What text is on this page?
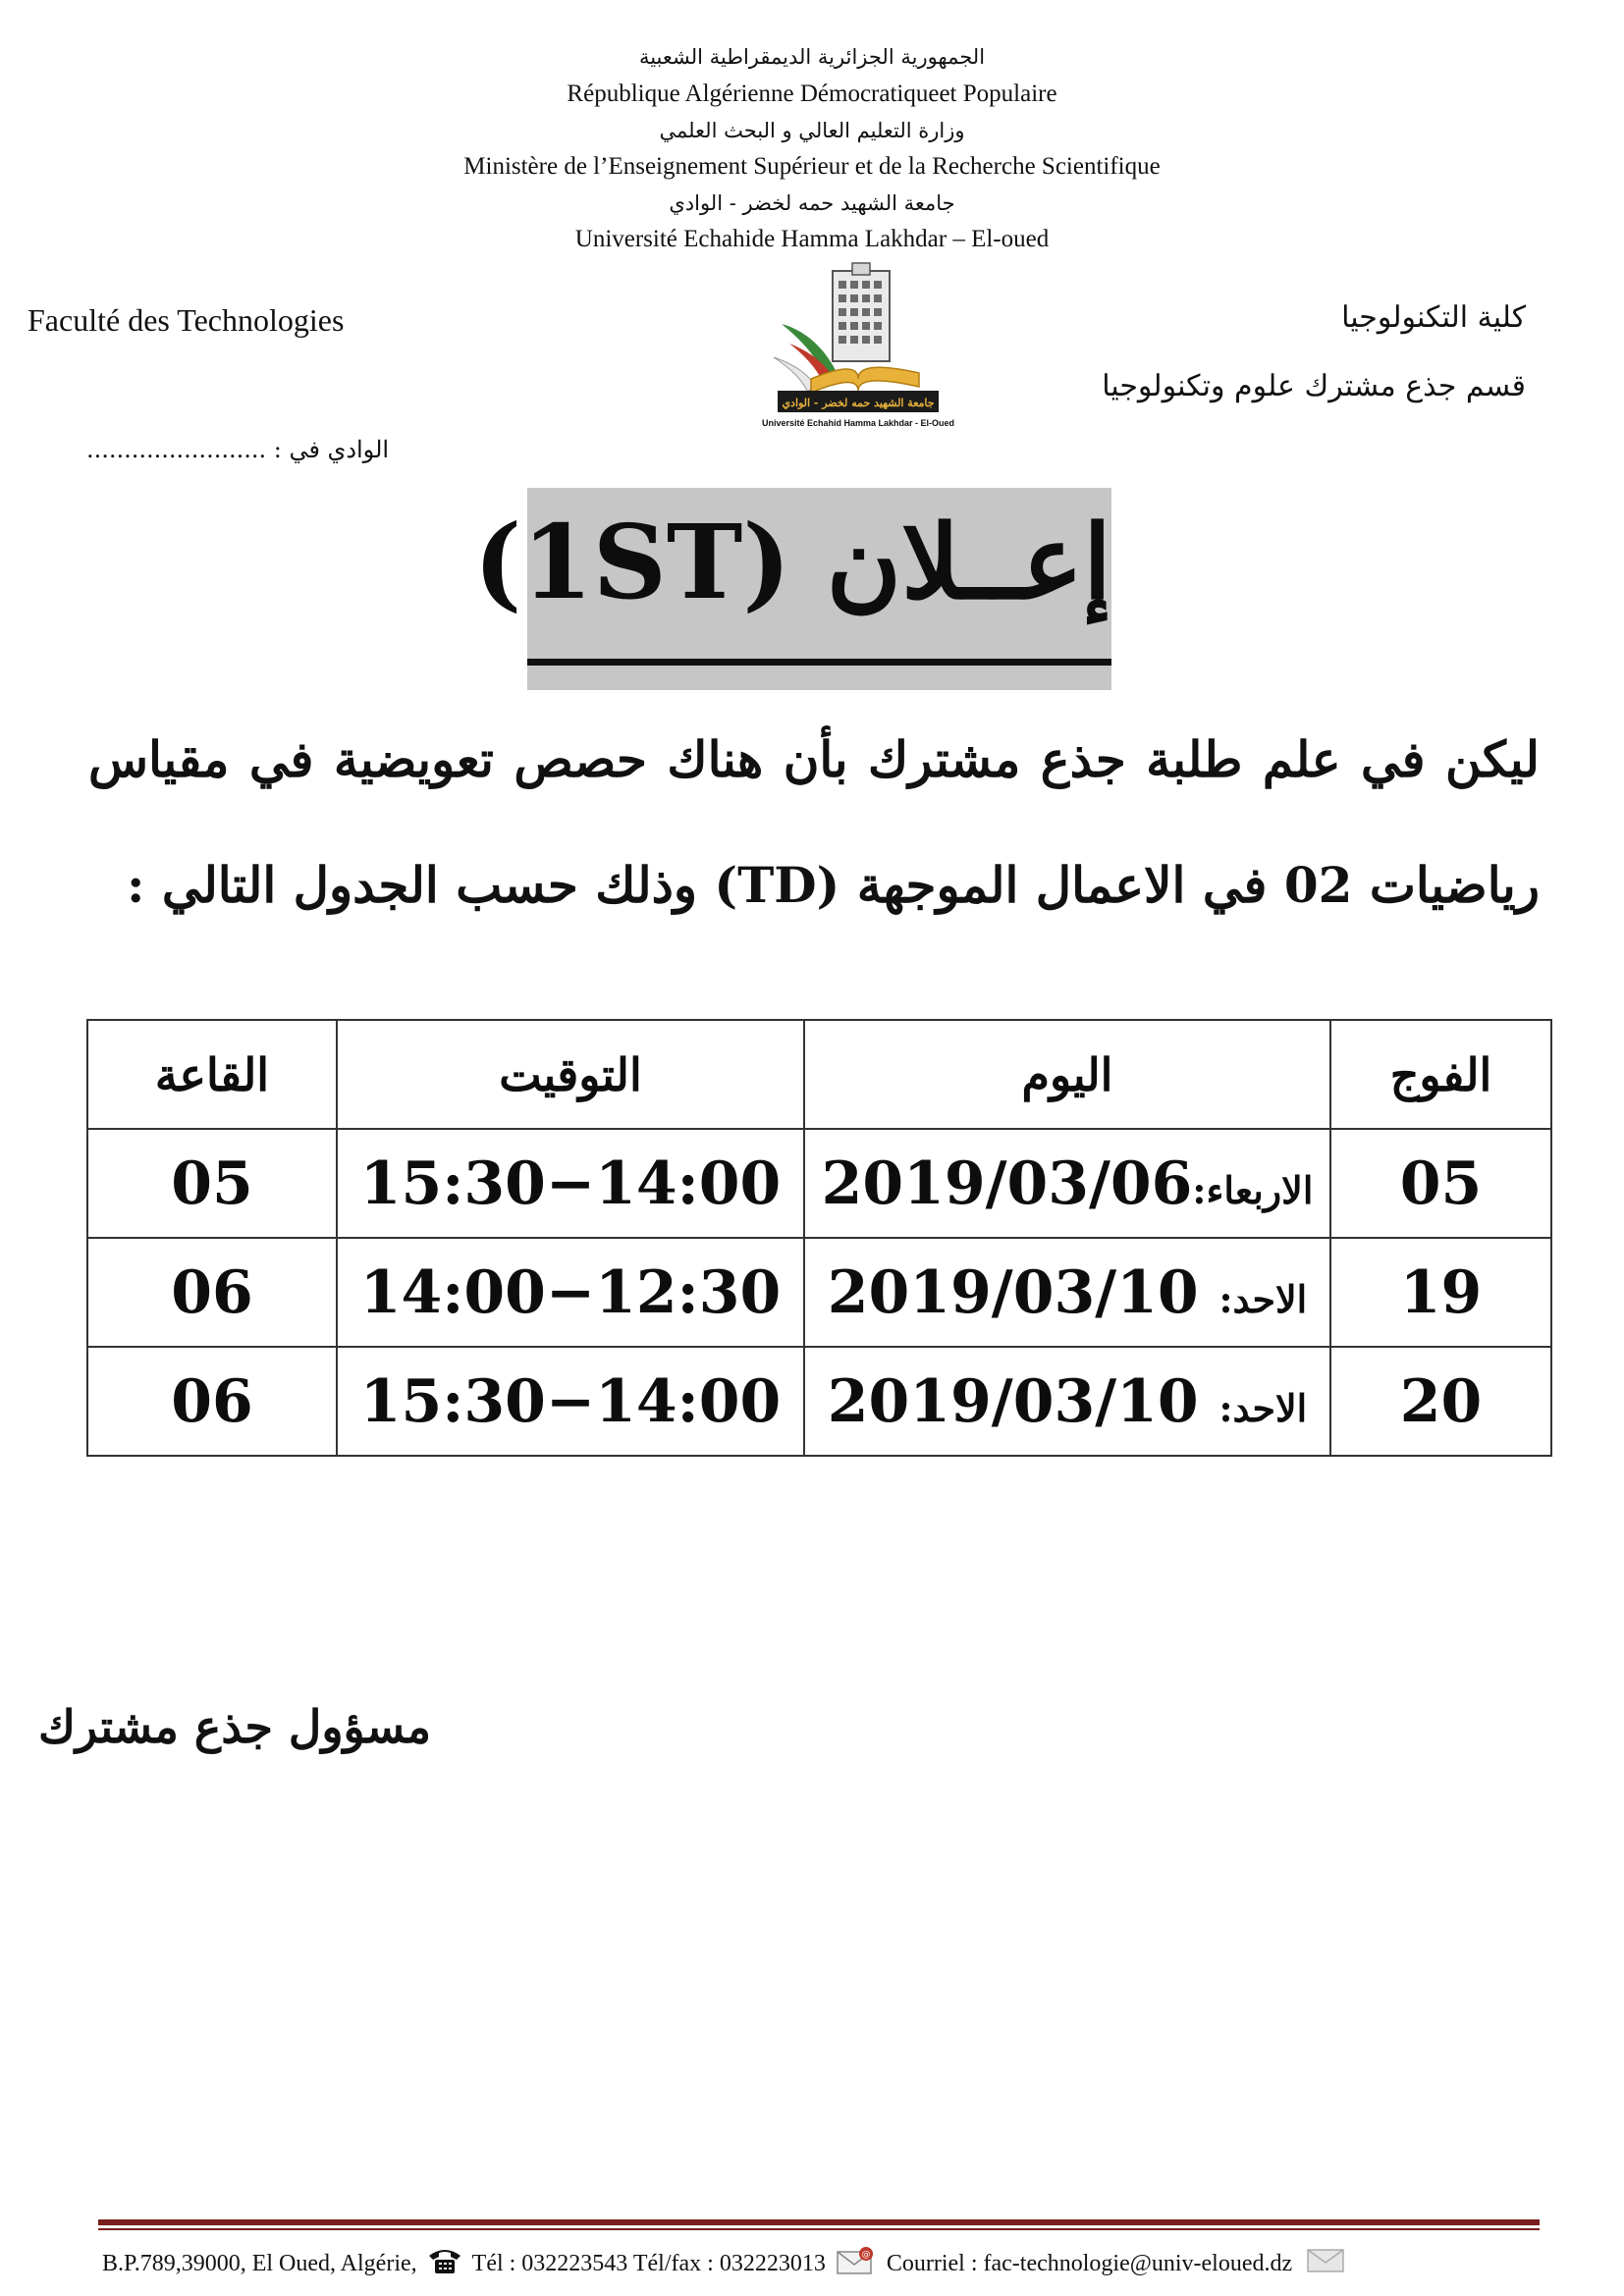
الجمهورية الجزائرية الديمقراطية الشعبية
République Algérienne Démocratiqueet Populaire
وزارة التعليم العالي و البحث العلمي
Ministère de l’Enseignement Supérieur et de la Recherche Scientifique
جامعة الشهيد حمه لخضر - الوادي
Université Echahide Hamma Lakhdar – El-oued
Faculté des Technologies	كلية التكنولوجيا
قسم جذع مشترك علوم وتكنولوجيا
الوادي في : ........................
جامعة الشهيد حمه لخضر - الوادي
Université Echahid Hamma Lakhdar - El-Oued
إعــلان (1ST)
ليكن في علم طلبة جذع مشترك بأن هناك حصص تعويضية في مقياس رياضيات 02 في الاعمال الموجهة (TD) وذلك حسب الجدول التالي :
الفوج	اليوم	التوقيت	القاعة
05	الاربعاء:2019/03/06	15:30−14:00	05
19	الاحد: 2019/03/10	14:00−12:30	06
20	الاحد: 2019/03/10	15:30−14:00	06
مسؤول جذع مشترك
B.P.789,39000, El Oued, Algérie, Tél : 032223543 Tél/fax : 032223013	@ Courriel : fac-technologie@univ-eloued.dz
